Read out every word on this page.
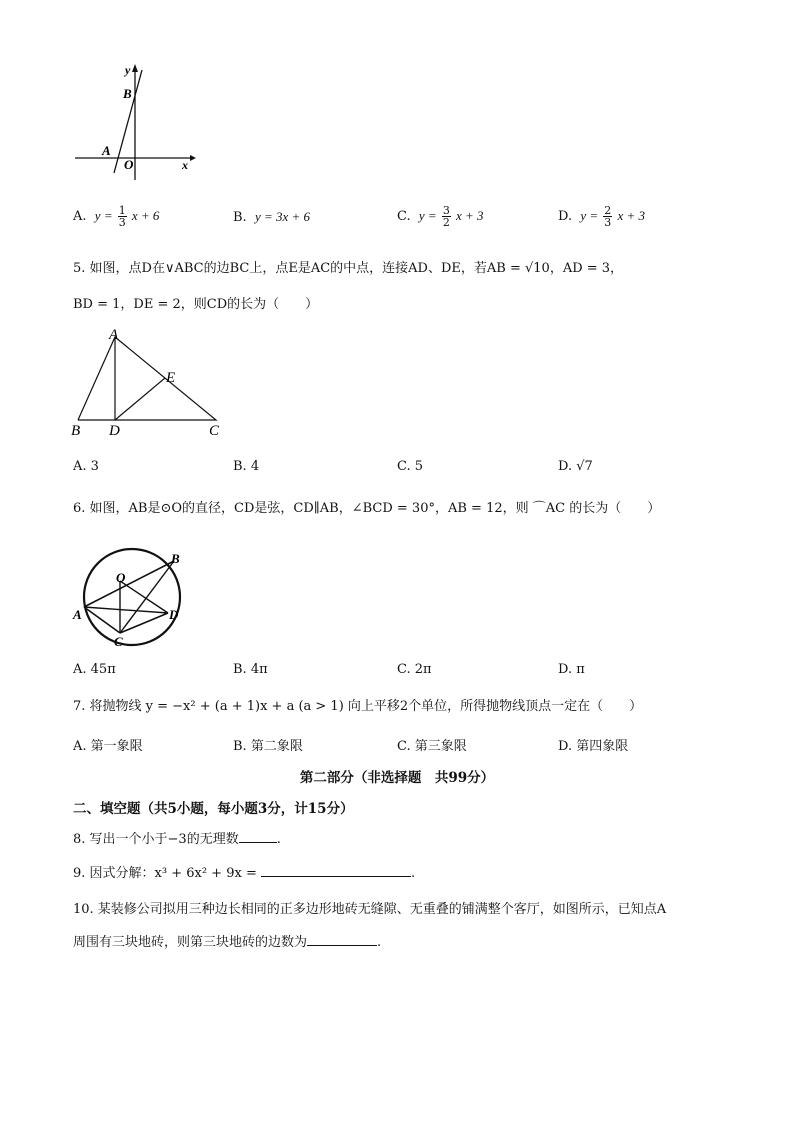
y
B
A
O	x
A. $y = \frac{1}{3}$ x + 6	B. y = 3x + 6	C. $y = \frac{3}{2}$ x + 3	D. $y = \frac{2}{3}$ x + 3
5. 如图，点D在∨ABC的边BC上，点E是AC的中点，连接AD、DE，若AB = √10，AD = 3，
BD = 1，DE = 2，则CD的长为（　　）
A
B D	C
E
A. 3	B. 4	C. 5	D. √7
6. 如图，AB是⊙O的直径，CD是弦，CD∥AB，∠BCD = 30°，AB = 12，则 ⌒AC 的长为（　　）
O
B
A
C
D
A. 45π	B. 4π	C. 2π	D. π
7. 将抛物线 y = −x² + (a + 1)x + a (a > 1) 向上平移2个单位，所得抛物线顶点一定在（　　）
A. 第一象限	B. 第二象限	C. 第三象限	D. 第四象限
第二部分（非选择题　共99分）
二、填空题（共5小题，每小题3分，计15分）
8. 写出一个小于−3的无理数	.
9. 因式分解：x³ + 6x² + 9x =	.
10. 某装修公司拟用三种边长相同的正多边形地砖无缝隙、无重叠的铺满整个客厅，如图所示，已知点A
周围有三块地砖，则第三块地砖的边数为	.
